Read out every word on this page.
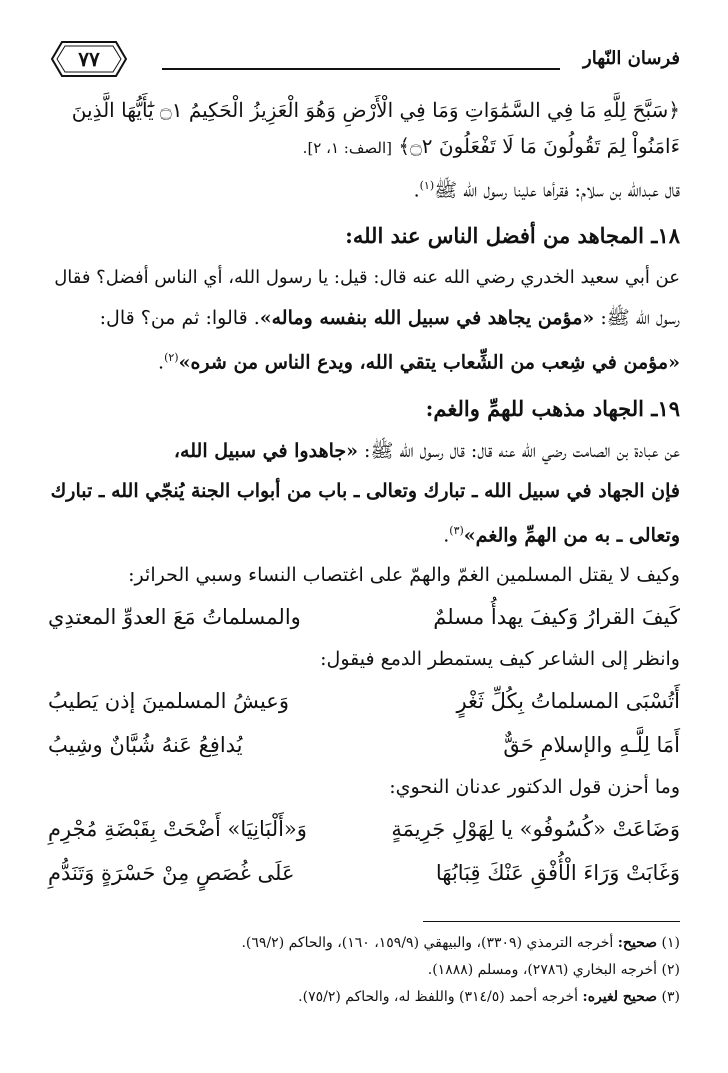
فرسان النّهار
٧٧
﴿سَبَّحَ لِلَّهِ مَا فِي السَّمَٰوَاتِ وَمَا فِي الْأَرْضِ وَهُوَ الْعَزِيزُ الْحَكِيمُ ۝١ يَٰٓأَيُّهَا الَّذِينَ
ءَامَنُواْ لِمَ تَقُولُونَ مَا لَا تَفْعَلُونَ ۝٢﴾ [الصف: ١، ٢].
قال عبدالله بن سلام: فقرأها علينا رسول الله ﷺ$^{(١)}$.
١٨ـ المجاهد من أفضل الناس عند الله:
عن أبي سعيد الخدري رضي الله عنه قال: قيل: يا رسول الله، أي الناس أفضل؟ فقال
رسول الله ﷺ: «مؤمن يجاهد في سبيل الله بنفسه وماله». قالوا: ثم من؟ قال:
«مؤمن في شِعب من الشِّعاب يتقي الله، ويدع الناس من شره»$^{(٢)}$.
١٩ـ الجهاد مذهب للهمِّ والغم:
عن عبادة بن الصامت رضي الله عنه قال: قال رسول الله ﷺ: «جاهدوا في سبيل الله،
فإن الجهاد في سبيل الله ـ تبارك وتعالى ـ باب من أبواب الجنة يُنجّي الله ـ تبارك
وتعالى ـ به من الهمِّ والغم»$^{(٣)}$.
وكيف لا يقتل المسلمين الغمّ والهمّ على اغتصاب النساء وسبي الحرائر:
كَيفَ القرارُ وَكيفَ يهدأُ مسلمٌ
والمسلماتُ مَعَ العدوِّ المعتدِي
وانظر إلى الشاعر كيف يستمطر الدمع فيقول:
أَتُسْبَى المسلماتُ بِكُلِّ ثَغْرٍ
وَعيشُ المسلمينَ إذن يَطيبُ
أَمَا لِلَّـهِ والإسلامِ حَقٌّ
يُدافِعُ عَنهُ شُبَّانٌ وشِيبُ
وما أحزن قول الدكتور عدنان النحوي:
وَضَاعَتْ «كُسُوفُو» يا لِهَوْلِ جَرِيمَةٍ
وَ«أَلْبَانِيَا» أَضْحَتْ بِقَبْضَةِ مُجْرِمِ
وَغَابَتْ وَرَاءَ الْأُفْقِ عَنْكَ قِبَابُهَا
عَلَى غُصَصٍ مِنْ حَسْرَةٍ وَتَنَدُّمِ
(١) صحيح: أخرجه الترمذي (٣٣٠٩)، والبيهقي (١٥٩/٩، ١٦٠)، والحاكم (٦٩/٢).
(٢) أخرجه البخاري (٢٧٨٦)، ومسلم (١٨٨٨).
(٣) صحيح لغيره: أخرجه أحمد (٣١٤/٥) واللفظ له، والحاكم (٧٥/٢).
